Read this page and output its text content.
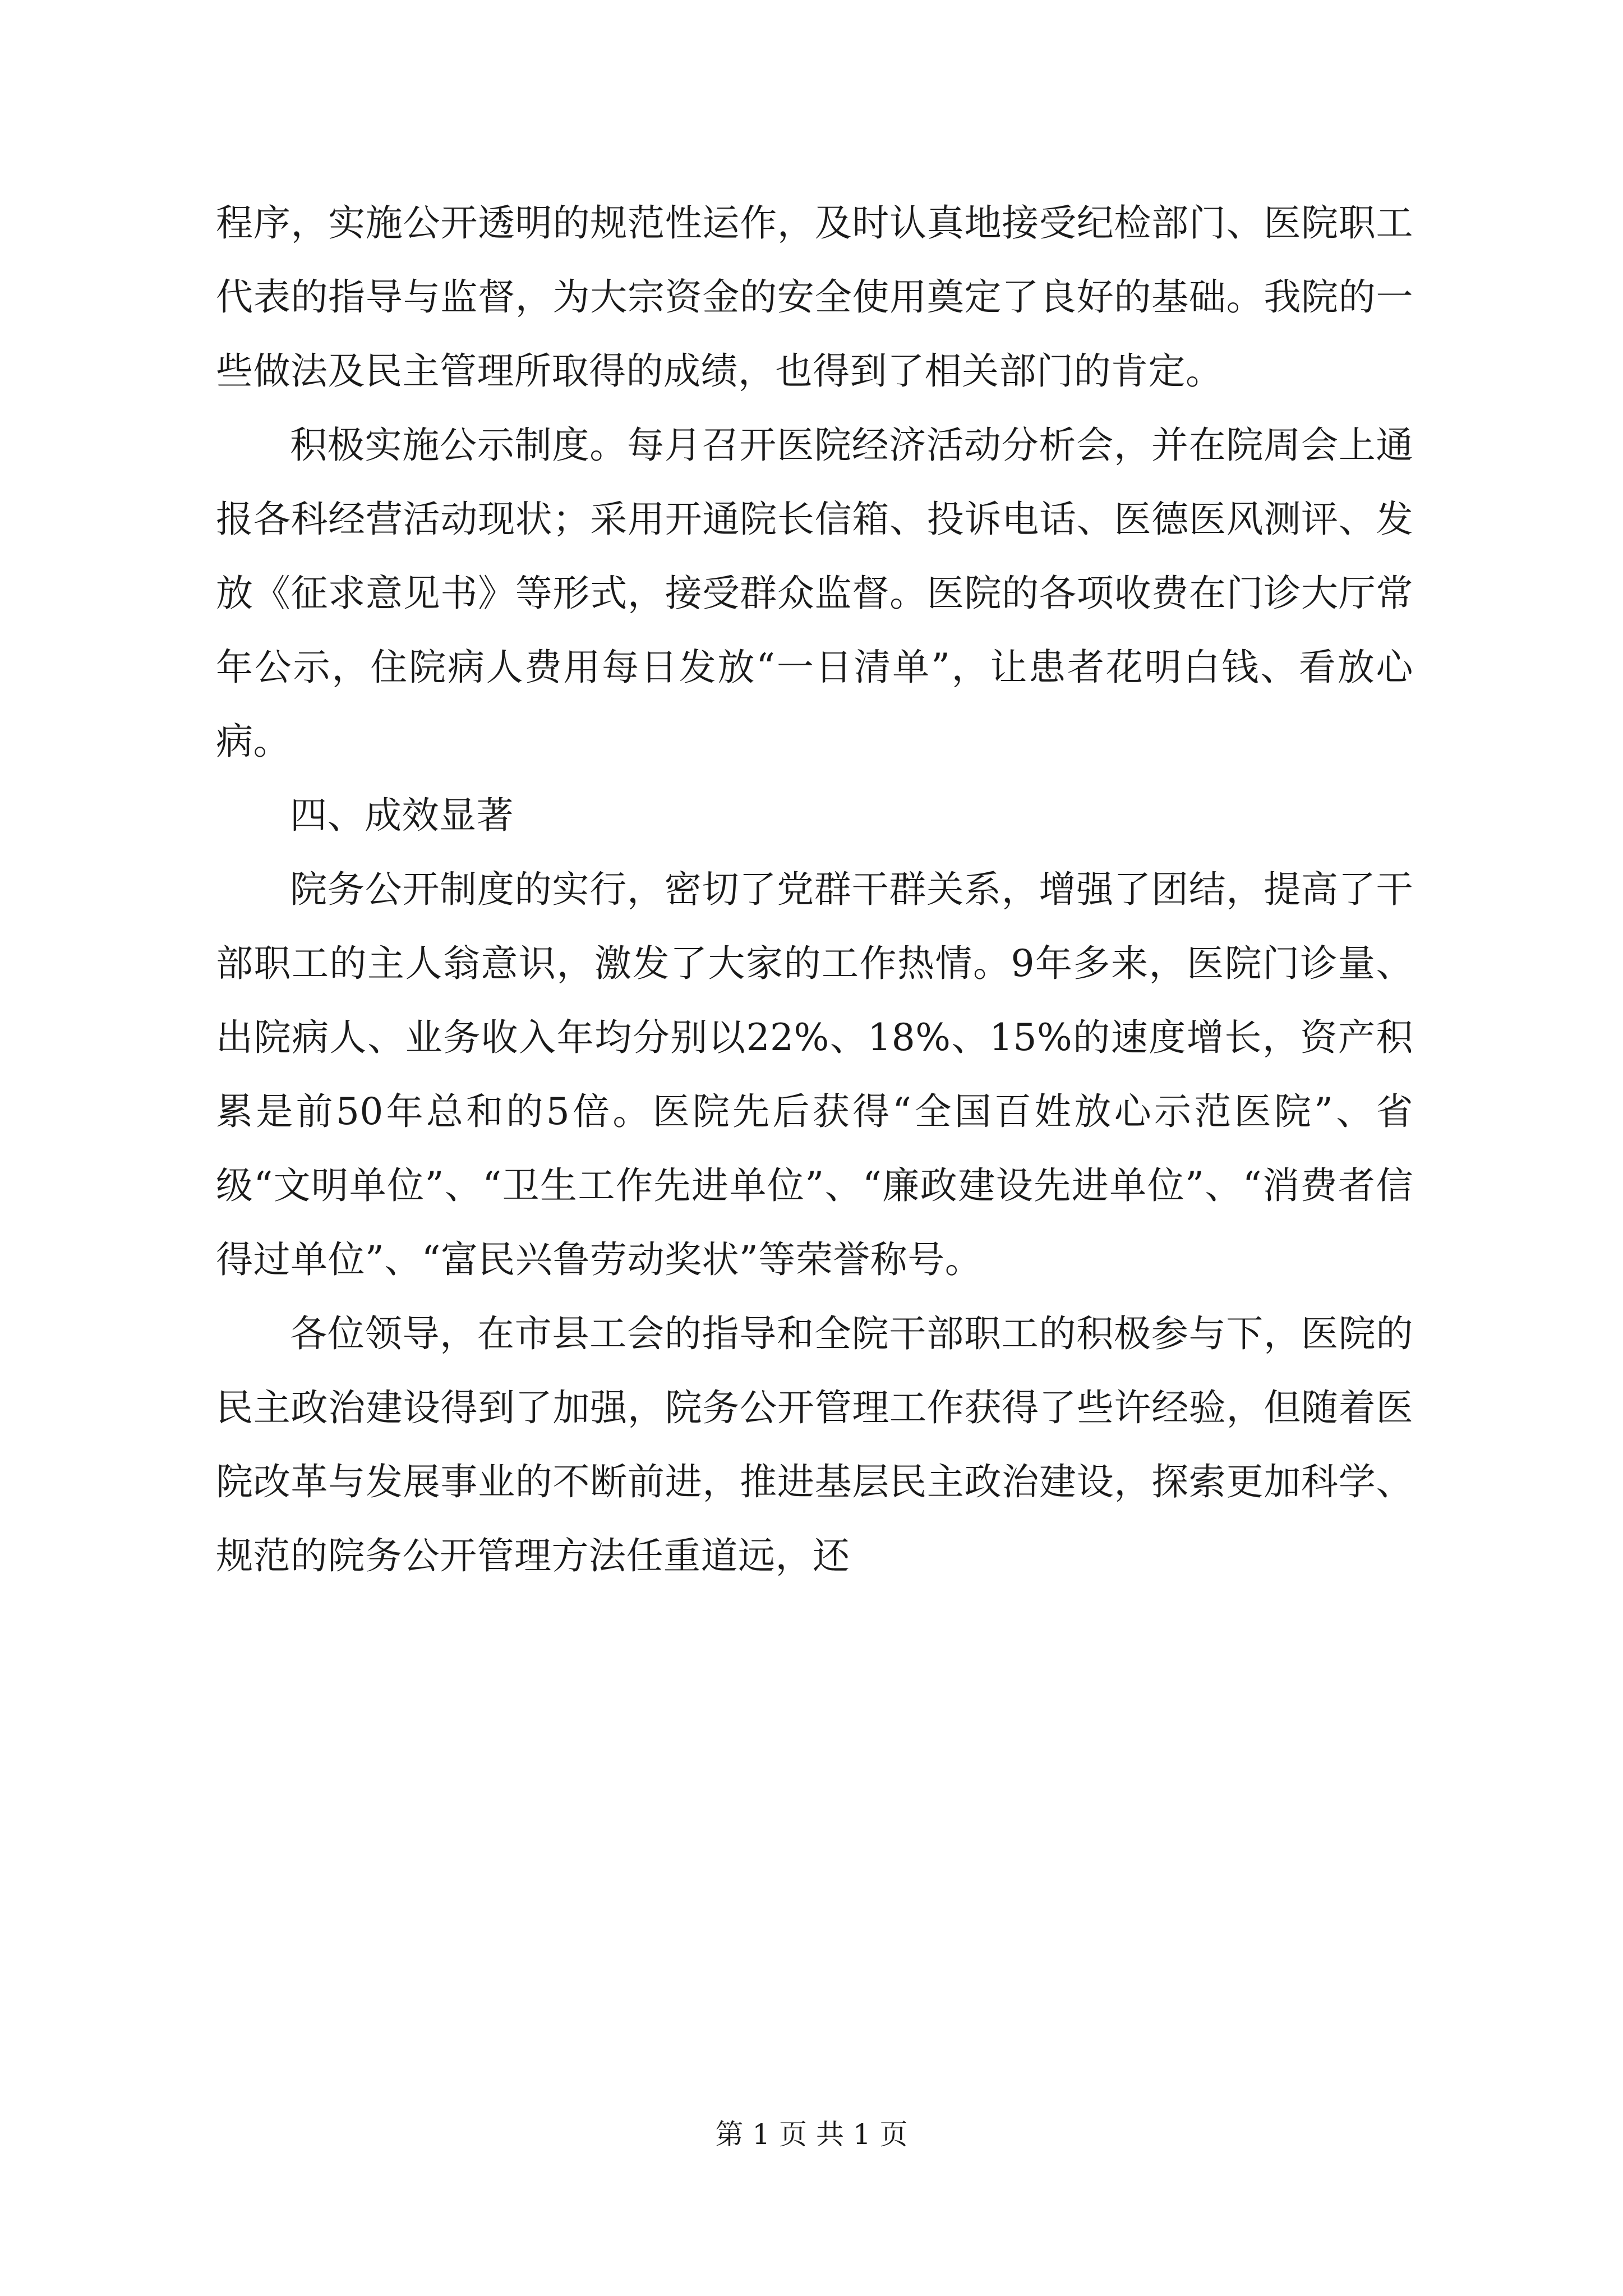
程序，实施公开透明的规范性运作，及时认真地接受纪检部门、医院职工代表的指导与监督，为大宗资金的安全使用奠定了良好的基础。我院的一些做法及民主管理所取得的成绩，也得到了相关部门的肯定。

积极实施公示制度。每月召开医院经济活动分析会，并在院周会上通报各科经营活动现状；采用开通院长信箱、投诉电话、医德医风测评、发放《征求意见书》等形式，接受群众监督。医院的各项收费在门诊大厅常年公示，住院病人费用每日发放“一日清单”，让患者花明白钱、看放心病。

四、成效显著

院务公开制度的实行，密切了党群干群关系，增强了团结，提高了干部职工的主人翁意识，激发了大家的工作热情。9年多来，医院门诊量、出院病人、业务收入年均分别以22%、18%、15%的速度增长，资产积累是前50年总和的5倍。医院先后获得“全国百姓放心示范医院”、省级“文明单位”、“卫生工作先进单位”、“廉政建设先进单位”、“消费者信得过单位”、“富民兴鲁劳动奖状”等荣誉称号。

各位领导，在市县工会的指导和全院干部职工的积极参与下，医院的民主政治建设得到了加强，院务公开管理工作获得了些许经验，但随着医院改革与发展事业的不断前进，推进基层民主政治建设，探索更加科学、规范的院务公开管理方法任重道远，还

第 1 页 共 1 页
